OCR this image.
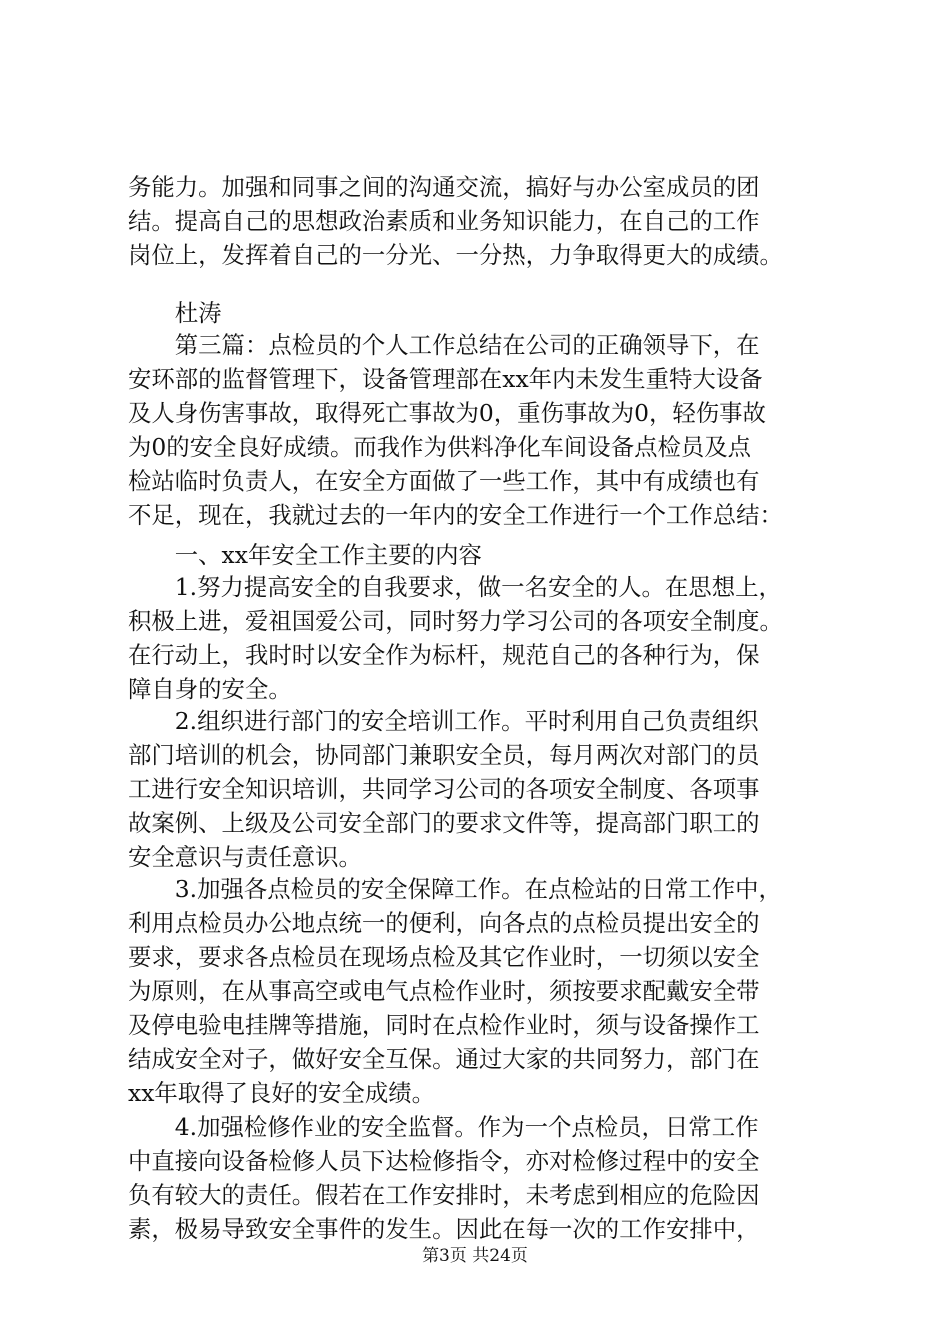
务能力。加强和同事之间的沟通交流，搞好与办公室成员的团
结。提高自己的思想政治素质和业务知识能力，在自己的工作
岗位上，发挥着自己的一分光、一分热，力争取得更大的成绩。
　　杜涛
　　第三篇：点检员的个人工作总结在公司的正确领导下，在
安环部的监督管理下，设备管理部在xx年内未发生重特大设备
及人身伤害事故，取得死亡事故为0，重伤事故为0，轻伤事故
为0的安全良好成绩。而我作为供料净化车间设备点检员及点
检站临时负责人，在安全方面做了一些工作，其中有成绩也有
不足，现在，我就过去的一年内的安全工作进行一个工作总结：
　　一、xx年安全工作主要的内容
　　1.努力提高安全的自我要求，做一名安全的人。在思想上，
积极上进，爱祖国爱公司，同时努力学习公司的各项安全制度。
在行动上，我时时以安全作为标杆，规范自己的各种行为，保
障自身的安全。
　　2.组织进行部门的安全培训工作。平时利用自己负责组织
部门培训的机会，协同部门兼职安全员，每月两次对部门的员
工进行安全知识培训，共同学习公司的各项安全制度、各项事
故案例、上级及公司安全部门的要求文件等，提高部门职工的
安全意识与责任意识。
　　3.加强各点检员的安全保障工作。在点检站的日常工作中，
利用点检员办公地点统一的便利，向各点的点检员提出安全的
要求，要求各点检员在现场点检及其它作业时，一切须以安全
为原则，在从事高空或电气点检作业时，须按要求配戴安全带
及停电验电挂牌等措施，同时在点检作业时，须与设备操作工
结成安全对子，做好安全互保。通过大家的共同努力，部门在
xx年取得了良好的安全成绩。
　　4.加强检修作业的安全监督。作为一个点检员，日常工作
中直接向设备检修人员下达检修指令，亦对检修过程中的安全
负有较大的责任。假若在工作安排时，未考虑到相应的危险因
素，极易导致安全事件的发生。因此在每一次的工作安排中，
第3页 共24页
